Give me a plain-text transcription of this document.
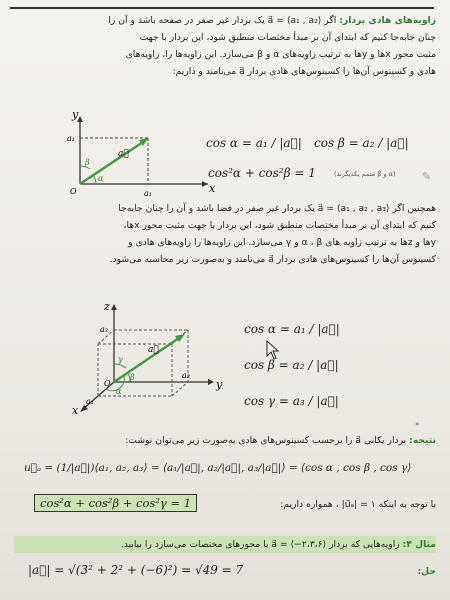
زاویه‌های هادی بردار: اگر a⃗ = ⟨a₁ , a₂⟩ یک بردار غیر صفر در صفحه باشد و آن را
چنان جابه‌جا کنیم که ابتدای آن بر مبدأ مختصات منطبق شود، این بردار با جهت
مثبت محور xها و yها به ترتیب زاویه‌های α و β می‌سازد. این زاویه‌ها را، زاویه‌های
هادی و کسینوس آن‌ها را کسینوس‌های هادی بردار a⃗ می‌نامند و داریم:
y
x
O
a₁
a₁
a⃗
α
β
cos α = a₁ / |a⃗| cos β = a₂ / |a⃗|
cos²α + cos²β = 1	(α و β متمم یکدیگرند) ✎
همچنین اگر a⃗ = ⟨a₁ , a₂ , a₃⟩ یک بردار غیر صفر در فضا باشد و آن را چنان جابه‌جا
کنیم که ابتدای آن بر مبدأ مختصات منطبق شود، این بردار با جهت مثبت محور xها،
yها و zها به ترتیب زاویه های α ، β و γ می‌سازد. این زاویه‌ها را زاویه‌های هادی و
کسینوس آن‌ها را کسینوس‌های هادی بردار a⃗ می‌نامند و به‌صورت زیر محاسبه می‌شود.
z
y
x
O
a₃
a₂
a₁
a⃗
γ
β
α
cos α = a₁ / |a⃗|
cos β = a₂ / |a⃗|
cos γ = a₃ / |a⃗|
•
نتیجه: بردار یکانی a⃗ را برحسب کسینوس‌های هادی به‌صورت زیر می‌توان نوشت:
u⃗ₐ = (1/|a⃗|)⟨a₁, a₂, a₃⟩ = ⟨a₁/|a⃗|, a₂/|a⃗|, a₃/|a⃗|⟩ = ⟨cos α , cos β , cos γ⟩
cos²α + cos²β + cos²γ = 1	با توجه به اینکه ۱ = |u⃗ₐ| ، همواره داریم:
مثال ۴: زاویه‌هایی که بردار ⟨۲،۳،۶−⟩ = a⃗ با محورهای مختصات می‌سازد را بیابید.
|a⃗| = √(3² + 2² + (−6)²) = √49 = 7	حل:
